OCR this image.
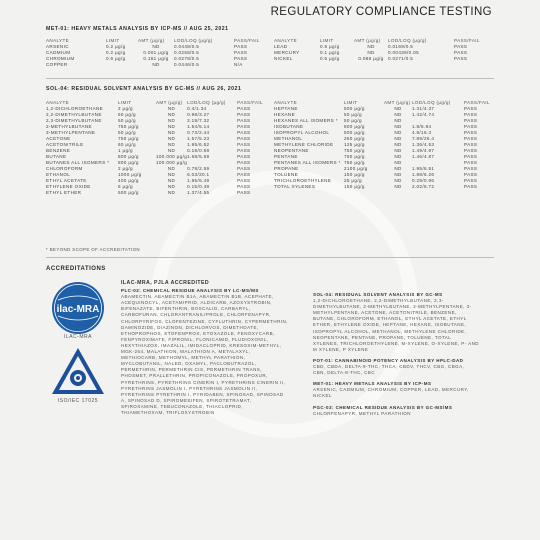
REGULATORY COMPLIANCE TESTING
MET-01: HEAVY METALS ANALYSIS BY ICP-MS // AUG 25, 2021
ANALYTE	LIMIT	AMT (μg/g)	LOD/LOQ (μg/g)	PASS/FAIL
ARSENIC	0.2 μg/g	ND	0.0448/0.5	PASS
CADMIUM	0.2 μg/g	0.001 μg/g	0.0258/0.5	PASS
CHROMIUM	0.6 μg/g	0.161 μg/g	0.0278/0.5	PASS
COPPER		ND	0.0446/0.5	N/A
ANALYTE	LIMIT	AMT (μg/g)	LOD/LOQ (μg/g)	PASS/FAIL
LEAD	0.5 μg/g	ND	0.0169/0.5	PASS
MERCURY	0.1 μg/g	ND	0.00439/0.05	PASS
NICKEL	0.5 μg/g	0.066 μg/g	0.0271/0.5	PASS
SOL-04: RESIDUAL SOLVENT ANALYSIS BY GC-MS // AUG 26, 2021
ANALYTE	LIMIT	AMT (μg/g)	LOD/LOQ (μg/g)	PASS/FAIL
1,2-DICHLOROETHANE	2 μg/g	ND	0.4/1.34	PASS
2,2-DIMETHYLBUTANE	50 μg/g	ND	0.98/3.27	PASS
2,3-DIMETHYLBUTANE	50 μg/g	ND	2.19/7.32	PASS
2-METHYLBUTANE	750 μg/g	ND	1.54/5.14	PASS
3-METHYLPENTANE	50 μg/g	ND	0.73/2.44	PASS
ACETONE	750 μg/g	ND	1.57/5.23	PASS
ACETONITRILE	60 μg/g	ND	1.95/6.52	PASS
BENZENE	1 μg/g	ND	0.18/0.59	PASS
BUTANE	800 μg/g	100.000 μg/g	1.68/5.59	PASS
BUTANES ALL ISOMERS *	800 μg/g	100.000 μg/g		PASS
CHLOROFORM	2 μg/g	ND	0.78/2.59	PASS
ETHANOL	1000 μg/g	ND	6.03/20.1	PASS
ETHYL ACETATE	400 μg/g	ND	1.95/6.49	PASS
ETHYLENE OXIDE	5 μg/g	ND	0.15/0.49	PASS
ETHYL ETHER	500 μg/g	ND	1.37/4.55	PASS
ANALYTE	LIMIT	AMT (μg/g)	LOD/LOQ (μg/g)	PASS/FAIL
HEPTANE	500 μg/g	ND	1.31/4.37	PASS
HEXANE	50 μg/g	ND	1.42/4.74	PASS
HEXANES ALL ISOMERS *	50 μg/g	ND		PASS
ISOBUTANE	800 μg/g	ND	1.8/5.94	PASS
ISOPROPYL ALCOHOL	500 μg/g	ND	4.9/16.3	PASS
METHANOL	250 μg/g	ND	7.89/26.4	PASS
METHYLENE CHLORIDE	125 μg/g	ND	1.36/4.53	PASS
NEOPENTANE	750 μg/g	ND	1.49/4.97	PASS
PENTANE	750 μg/g	ND	1.46/4.87	PASS
PENTANES ALL ISOMERS *	750 μg/g	ND		PASS
PROPANE	2100 μg/g	ND	1.95/6.51	PASS
TOLUENE	150 μg/g	ND	1.88/6.26	PASS
TRICHLOROETHYLENE	25 μg/g	ND	0.29/0.96	PASS
TOTAL XYLENES	150 μg/g	ND	2.02/6.72	PASS
* BEYOND SCOPE OF ACCREDITATION
ACCREDITATIONS
ilac-MRA
ILAC-MRA
ISO/IEC 17025
ILAC-MRA, PJLA ACCREDITED
PLC-02: CHEMICAL RESIDUE ANALYSIS BY LC-MS/MS
ABAMECTIN, ABAMECTIN B1A, ABAMECTIN B1B, ACEPHATE,
ACEQUINOCYL, ACETAMIPRID, ALDICARB, AZOXYSTROBIN,
BIFENAZATE, BIFENTHRIN, BOSCALID, CARBARYL,
CARBOFURAN, CHLORANTRANILIPROLE, CHLORFENAPYR,
CHLORPYRIFOS, CLOFENTEZINE, CYFLUTHRIN, CYPERMETHRIN,
DAMINOZIDE, DIAZINON, DICHLORVOS, DIMETHOATE,
ETHOPROPHOS, ETOFENPROX, ETOXAZOLE, FENOXYCARB,
FENPYROXIMATE, FIPRONIL, FLONICAMID, FLUDIOXONIL,
HEXYTHIAZOX, IMAZALIL, IMIDACLOPRID, KRESOXIM-METHYL,
MGK-264, MALATHION, MALATHION A, METALAXYL,
METHIOCARB, METHOMYL, METHYL PARATHION,
MYCLOBUTANIL, NALED, OXAMYL, PACLOBUTRAZOL,
PERMETHRIN, PERMETHRIN CIS, PERMETHRIN TRANS,
PHOSMET, PRALLETHRIN, PROPICONAZOLE, PROPOXUR,
PYRETHRINS, PYRETHRINS CINERIN I, PYRETHRINS CINERIN II,
PYRETHRINS JASMOLIN I, PYRETHRINS JASMOLIN II,
PYRETHRINS PYRETHRIN I, PYRIDABEN, SPINOSAD, SPINOSAD
A, SPINOSAD D, SPIROMESIFEN, SPIROTETRAMAT,
SPIROXAMINE, TEBUCONAZOLE, THIACLOPRID,
THIAMETHOXAM, TRIFLOXYSTROBIN
SOL-04: RESIDUAL SOLVENT ANALYSIS BY GC-MS
1,2-DICHLOROETHANE, 2,2-DIMETHYLBUTANE, 2,3-
DIMETHYLBUTANE, 2-METHYLBUTANE, 2-METHYLPENTANE, 3-
METHYLPENTANE, ACETONE, ACETONITRILE, BENZENE,
BUTANE, CHLOROFORM, ETHANOL, ETHYL ACETATE, ETHYL
ETHER, ETHYLENE OXIDE, HEPTANE, HEXANE, ISOBUTANE,
ISOPROPYL ALCOHOL, METHANOL, METHYLENE CHLORIDE,
NEOPENTANE, PENTANE, PROPANE, TOLUENE, TOTAL
XYLENES, TRICHLOROETHYLENE, M-XYLENE, O-XYLENE, P- AND
M XYLENE, P XYLENE
POT-01: CANNABINOID POTENCY ANALYSIS BY HPLC-DAD
CBD, CBDA, DELTA-9-THC, THCA, CBDV, THCV, CBG, CBGA,
CBN, DELTA-8-THC, CBC
MET-01: HEAVY METALS ANALYSIS BY ICP-MS
ARSENIC, CADMIUM, CHROMIUM, COPPER, LEAD, MERCURY,
NICKEL
PGC-03: CHEMICAL RESIDUE ANALYSIS BY GC-MS/MS
CHLORFENAPYR, METHYL PARATHION
